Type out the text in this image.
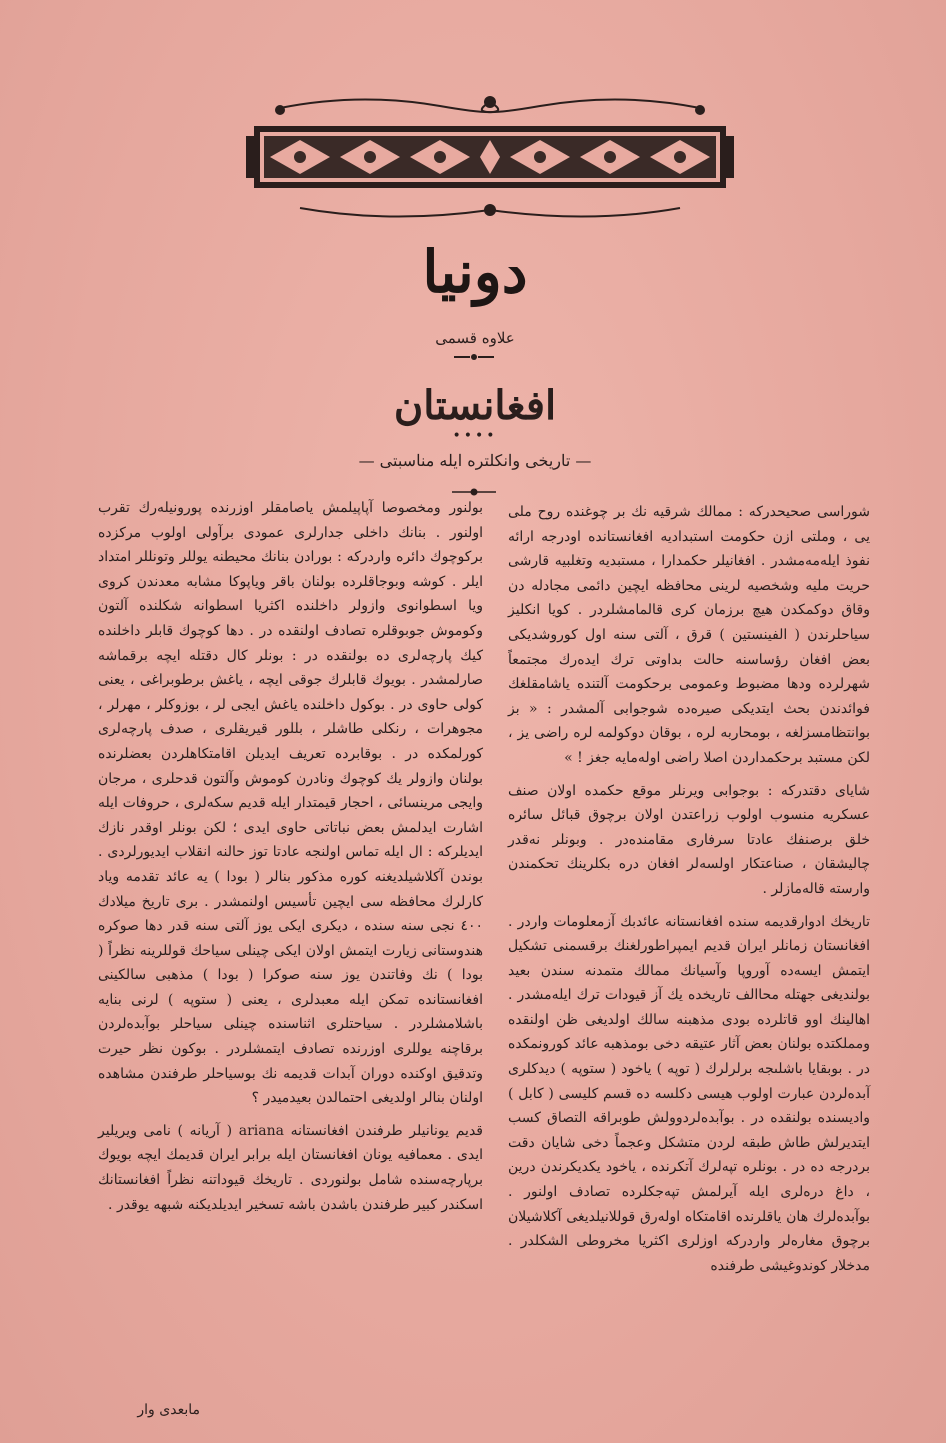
دونيا
علاوه قسمى
افغانستان
••••
— تاريخى وانكلتره ايله مناسبتى —

شوراسى صحيحدركه : ممالك شرقيه نك بر چوغنده روح ملى يى ، وملتى ازن حكومت استبداديه افغانستانده اودرجه ارائه نفوذ ايلەمەمشدر . افغانيلر حكمدارا ، مستبديه وتغلبيه قارشى حريت مليه وشخصيه لرينى محافظه ايچين دائمى مجادله دن وقاق دوكمكدن هيچ برزمان كرى قالمامشلردر . كويا انكليز سياحلرندن ( الفينستين ) قرق ، آلتى سنه اول كوروشديكى بعض افغان رؤساسنه حالت بداوتى ترك ايدەرك مجتمعاً شهرلرده ودها مضبوط وعمومى برحكومت آلتنده ياشامقلغك فوائدندن بحث ايتديكى صيرەده شوجوابى آلمشدر : « بز بوانتظامسزلغه ، بومحاربه لره ، بوقان دوكولمه لره راضى يز ، لكن مستبد برحكمداردن اصلا راضى اولەمايه جغز ! »

شاياى دقتدركه : بوجوابى ويرنلر موقع حكمده اولان صنف عسكريه منسوب اولوب زراعتدن اولان برچوق قبائل سائره خلق برصنفك عادتا سرفارى مقامندەدر . وبونلر نەقدر چاليشقان ، صناعتكار اولسەلر افغان دره بكلرينك تحكمندن وارسته قالەمازلر .

تاريخك ادوارقديمه سنده افغانستانه عائدبك آزمعلومات واردر . افغانستان زمانلر ايران قديم ايمپراطورلغنك برقسمنى تشكيل ايتمش ايسەده آوروپا وآسيانك ممالك متمدنه سندن بعيد بولنديغى جهتله محاالف تاريخده يك آز قيودات ترك ايلەمشدر . اهالينك اوو قاتلرده بودى مذهبنه سالك اولديغى ظن اولنقده ومملكتده بولنان بعض آثار عتيقه دخى بومذهبه عائد كورونمكده در . بوبقايا باشلىجه برلرلرك ( توپه ) ياخود ( ستوپه ) ديدكلرى آبدەلردن عبارت اولوب هيسى دكلسه ده قسم كليسى ( كابل ) واديسنده بولنقده در . بوآبدەلردوولش طوبراقه التصاق كسب ايتديرلش طاش طبقه لردن متشكل وعجماً دخى شايان دقت بردرجه ده در . بونلرە تپەلرك آتكرنده ، ياخود يكديكرندن درين ، داغ درەلرى ايله آيرلمش تپەجكلرده تصادف اولنور . بوآبدەلرك هان ياقلرنده اقامتكاه اولەرق قوللانيلديغى آكلاشيلان برچوق مغارەلر واردركه اوزلرى اكثريا مخروطى الشكلدر . مدخلار كوندوغيشى طرفنده

بولنور ومخصوصا آپاپيلمش ياصامقلر اوزرنده پورونيلەرك تقرب اولنور . بنانك داخلى جدارلرى عمودى برآولى اولوب مركزده بركوچوك دائره واردركه : بورادن بنانك محيطنه يوللر وتونللر امتداد ايلر . كوشه وبوجاقلرده بولنان باقر وياپوكا مشابه معدندن كروى ويا اسطوانوى وازولر داخلنده اكثريا اسطوانه شكلنده آلتون وكوموش جوبوقلره تصادف اولنقده در . دها كوچوك قابلر داخلنده كيك پارچەلرى ده بولنقده در : بونلر كال دقتله ايچه برقماشه صارلمشدر . بويوك قابلرك جوقى ايچه ، ياغش برطوبراغى ، يعنى كولى حاوى در . بوكول داخلنده ياغش ايجى لر ، بوزوكلر ، مهرلر ، مجوهرات ، رنكلى طاشلر ، بللور قيريقلرى ، صدف پارچەلرى كورلمكده در . بوقابرده تعريف ايديلن اقامتكاهلردن بعضلرنده بولنان وازولر يك كوچوك ونادرن كوموش وآلتون قدحلرى ، مرجان وايجى مرينسائى ، احجار قيمتدار ايله قديم سكەلرى ، حروفات ايله اشارت ايدلمش بعض نباتاتى حاوى ايدى ؛ لكن بونلر اوقدر نازك ايديلركه : ال ايله تماس اولنجه عادتا توز حالنه انقلاب ايديورلردى . بوندن آكلاشيلديغنه كوره مذكور بنالر ( بودا ) يه عائد تقدمه وياد كارلرك محافظه سى ايچين تأسيس اولنمشدر . برى تاريخ ميلادك ٤٠٠ نجى سنه سنده ، ديكرى ايكى يوز آلتى سنه قدر دها صوكره هندوستانى زيارت ايتمش اولان ايكى چينلى سياحك قوللرينه نظراً ( بودا ) نك وفاتندن يوز سنه صوكرا ( بودا ) مذهبى سالكينى افغانستانده تمكن ايله معبدلرى ، يعنى ( ستوپه ) لرنى بنايه باشلامشلردر . سياحتلرى اثناسنده چينلى سياحلر بوآبدەلردن برقاچنه يوللرى اوزرنده تصادف ايتمشلردر . بوكون نظر حيرت وتدقيق اوكنده دوران آبدات قدیمه نك بوسياحلر طرفندن مشاهده اولنان بنالر اولديغى احتمالدن بعيدميدر ؟

قديم يونانيلر طرفندن افغانستانه ariana ( آريانه ) نامى ويريلير ايدى . معمافيه يونان افغانستان ايله برابر ايران قديمك ايچه بويوك برپارچەسنده شامل بولنوردى . تاريخك قيوداتنه نظراً افغانستانك اسكندر كبير طرفندن باشدن باشه تسخير ايديلديكنه شبهه يوقدر .

مابعدى وار
